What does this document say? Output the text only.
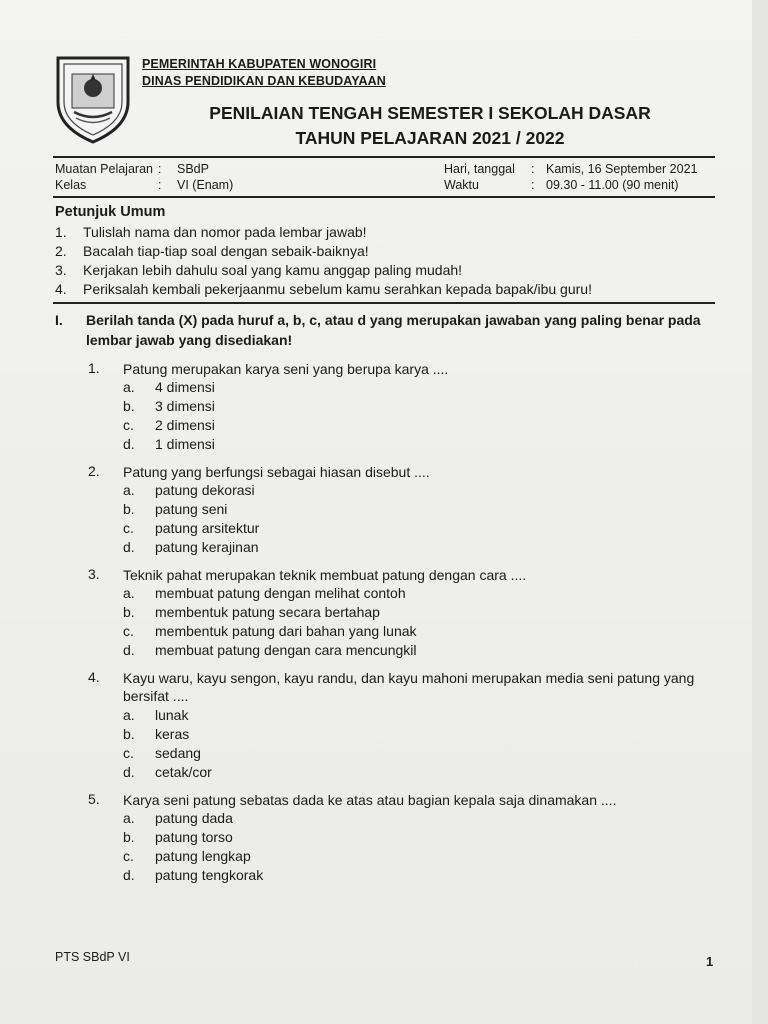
PEMERINTAH KABUPATEN WONOGIRI
DINAS PENDIDIKAN DAN KEBUDAYAAN
PENILAIAN TENGAH SEMESTER I SEKOLAH DASAR
TAHUN PELAJARAN 2021 / 2022
Muatan Pelajaran : SBdP
Kelas	: VI (Enam)
Hari, tanggal : Kamis, 16 September 2021
Waktu	: 09.30 - 11.00 (90 menit)
Petunjuk Umum
1. Tulislah nama dan nomor pada lembar jawab!
2. Bacalah tiap-tiap soal dengan sebaik-baiknya!
3. Kerjakan lebih dahulu soal yang kamu anggap paling mudah!
4. Periksalah kembali pekerjaanmu sebelum kamu serahkan kepada bapak/ibu guru!
I. Berilah tanda (X) pada huruf a, b, c, atau d yang merupakan jawaban yang paling benar pada lembar jawab yang disediakan!
1. Patung merupakan karya seni yang berupa karya ....
a. 4 dimensi
b. 3 dimensi
c. 2 dimensi
d. 1 dimensi
2. Patung yang berfungsi sebagai hiasan disebut ....
a. patung dekorasi
b. patung seni
c. patung arsitektur
d. patung kerajinan
3. Teknik pahat merupakan teknik membuat patung dengan cara ....
a. membuat patung dengan melihat contoh
b. membentuk patung secara bertahap
c. membentuk patung dari bahan yang lunak
d. membuat patung dengan cara mencungkil
4. Kayu waru, kayu sengon, kayu randu, dan kayu mahoni merupakan media seni patung yang bersifat ....
a. lunak
b. keras
c. sedang
d. cetak/cor
5. Karya seni patung sebatas dada ke atas atau bagian kepala saja dinamakan ....
a. patung dada
b. patung torso
c. patung lengkap
d. patung tengkorak
PTS SBdP VI	1
